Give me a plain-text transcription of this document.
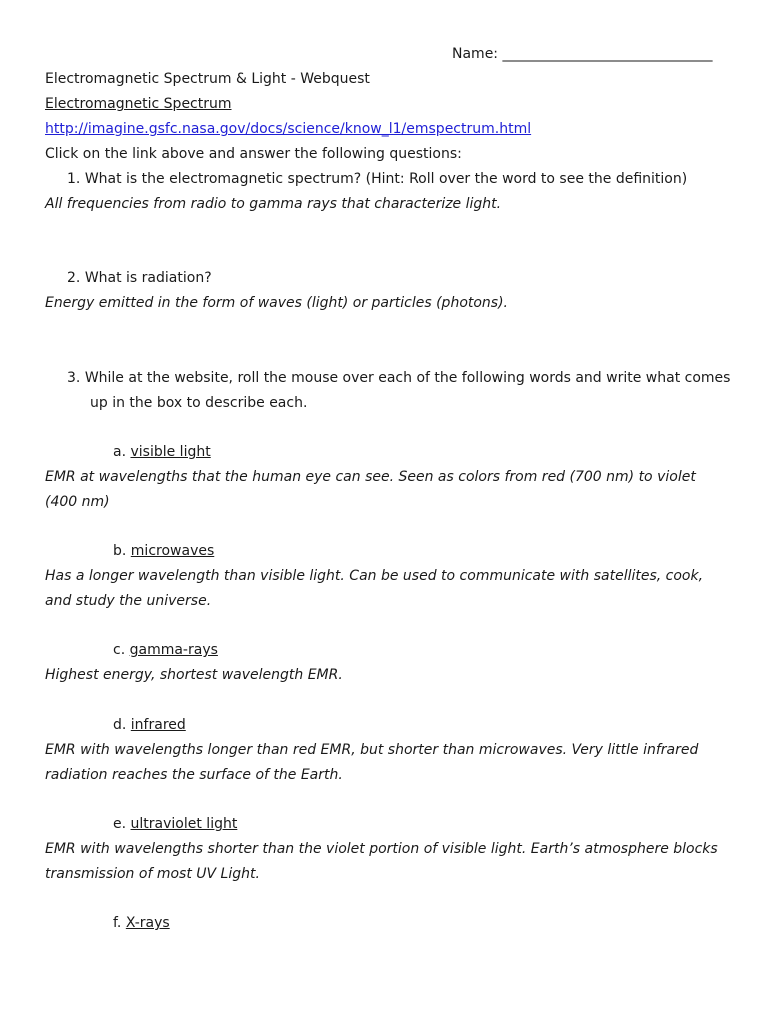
Name: ______________________________
Electromagnetic Spectrum & Light - Webquest
Electromagnetic Spectrum
http://imagine.gsfc.nasa.gov/docs/science/know_l1/emspectrum.html
Click on the link above and answer the following questions:
1. What is the electromagnetic spectrum? (Hint: Roll over the word to see the definition)
All frequencies from radio to gamma rays that characterize light.
2. What is radiation?
Energy emitted in the form of waves (light) or particles (photons).
3. While at the website, roll the mouse over each of the following words and write what comes
up in the box to describe each.
a. visible light
EMR at wavelengths that the human eye can see. Seen as colors from red (700 nm) to violet
(400 nm)
b. microwaves
Has a longer wavelength than visible light. Can be used to communicate with satellites, cook,
and study the universe.
c. gamma-rays
Highest energy, shortest wavelength EMR.
d. infrared
EMR with wavelengths longer than red EMR, but shorter than microwaves. Very little infrared
radiation reaches the surface of the Earth.
e. ultraviolet light
EMR with wavelengths shorter than the violet portion of visible light. Earth’s atmosphere blocks
transmission of most UV Light.
f. X-rays
